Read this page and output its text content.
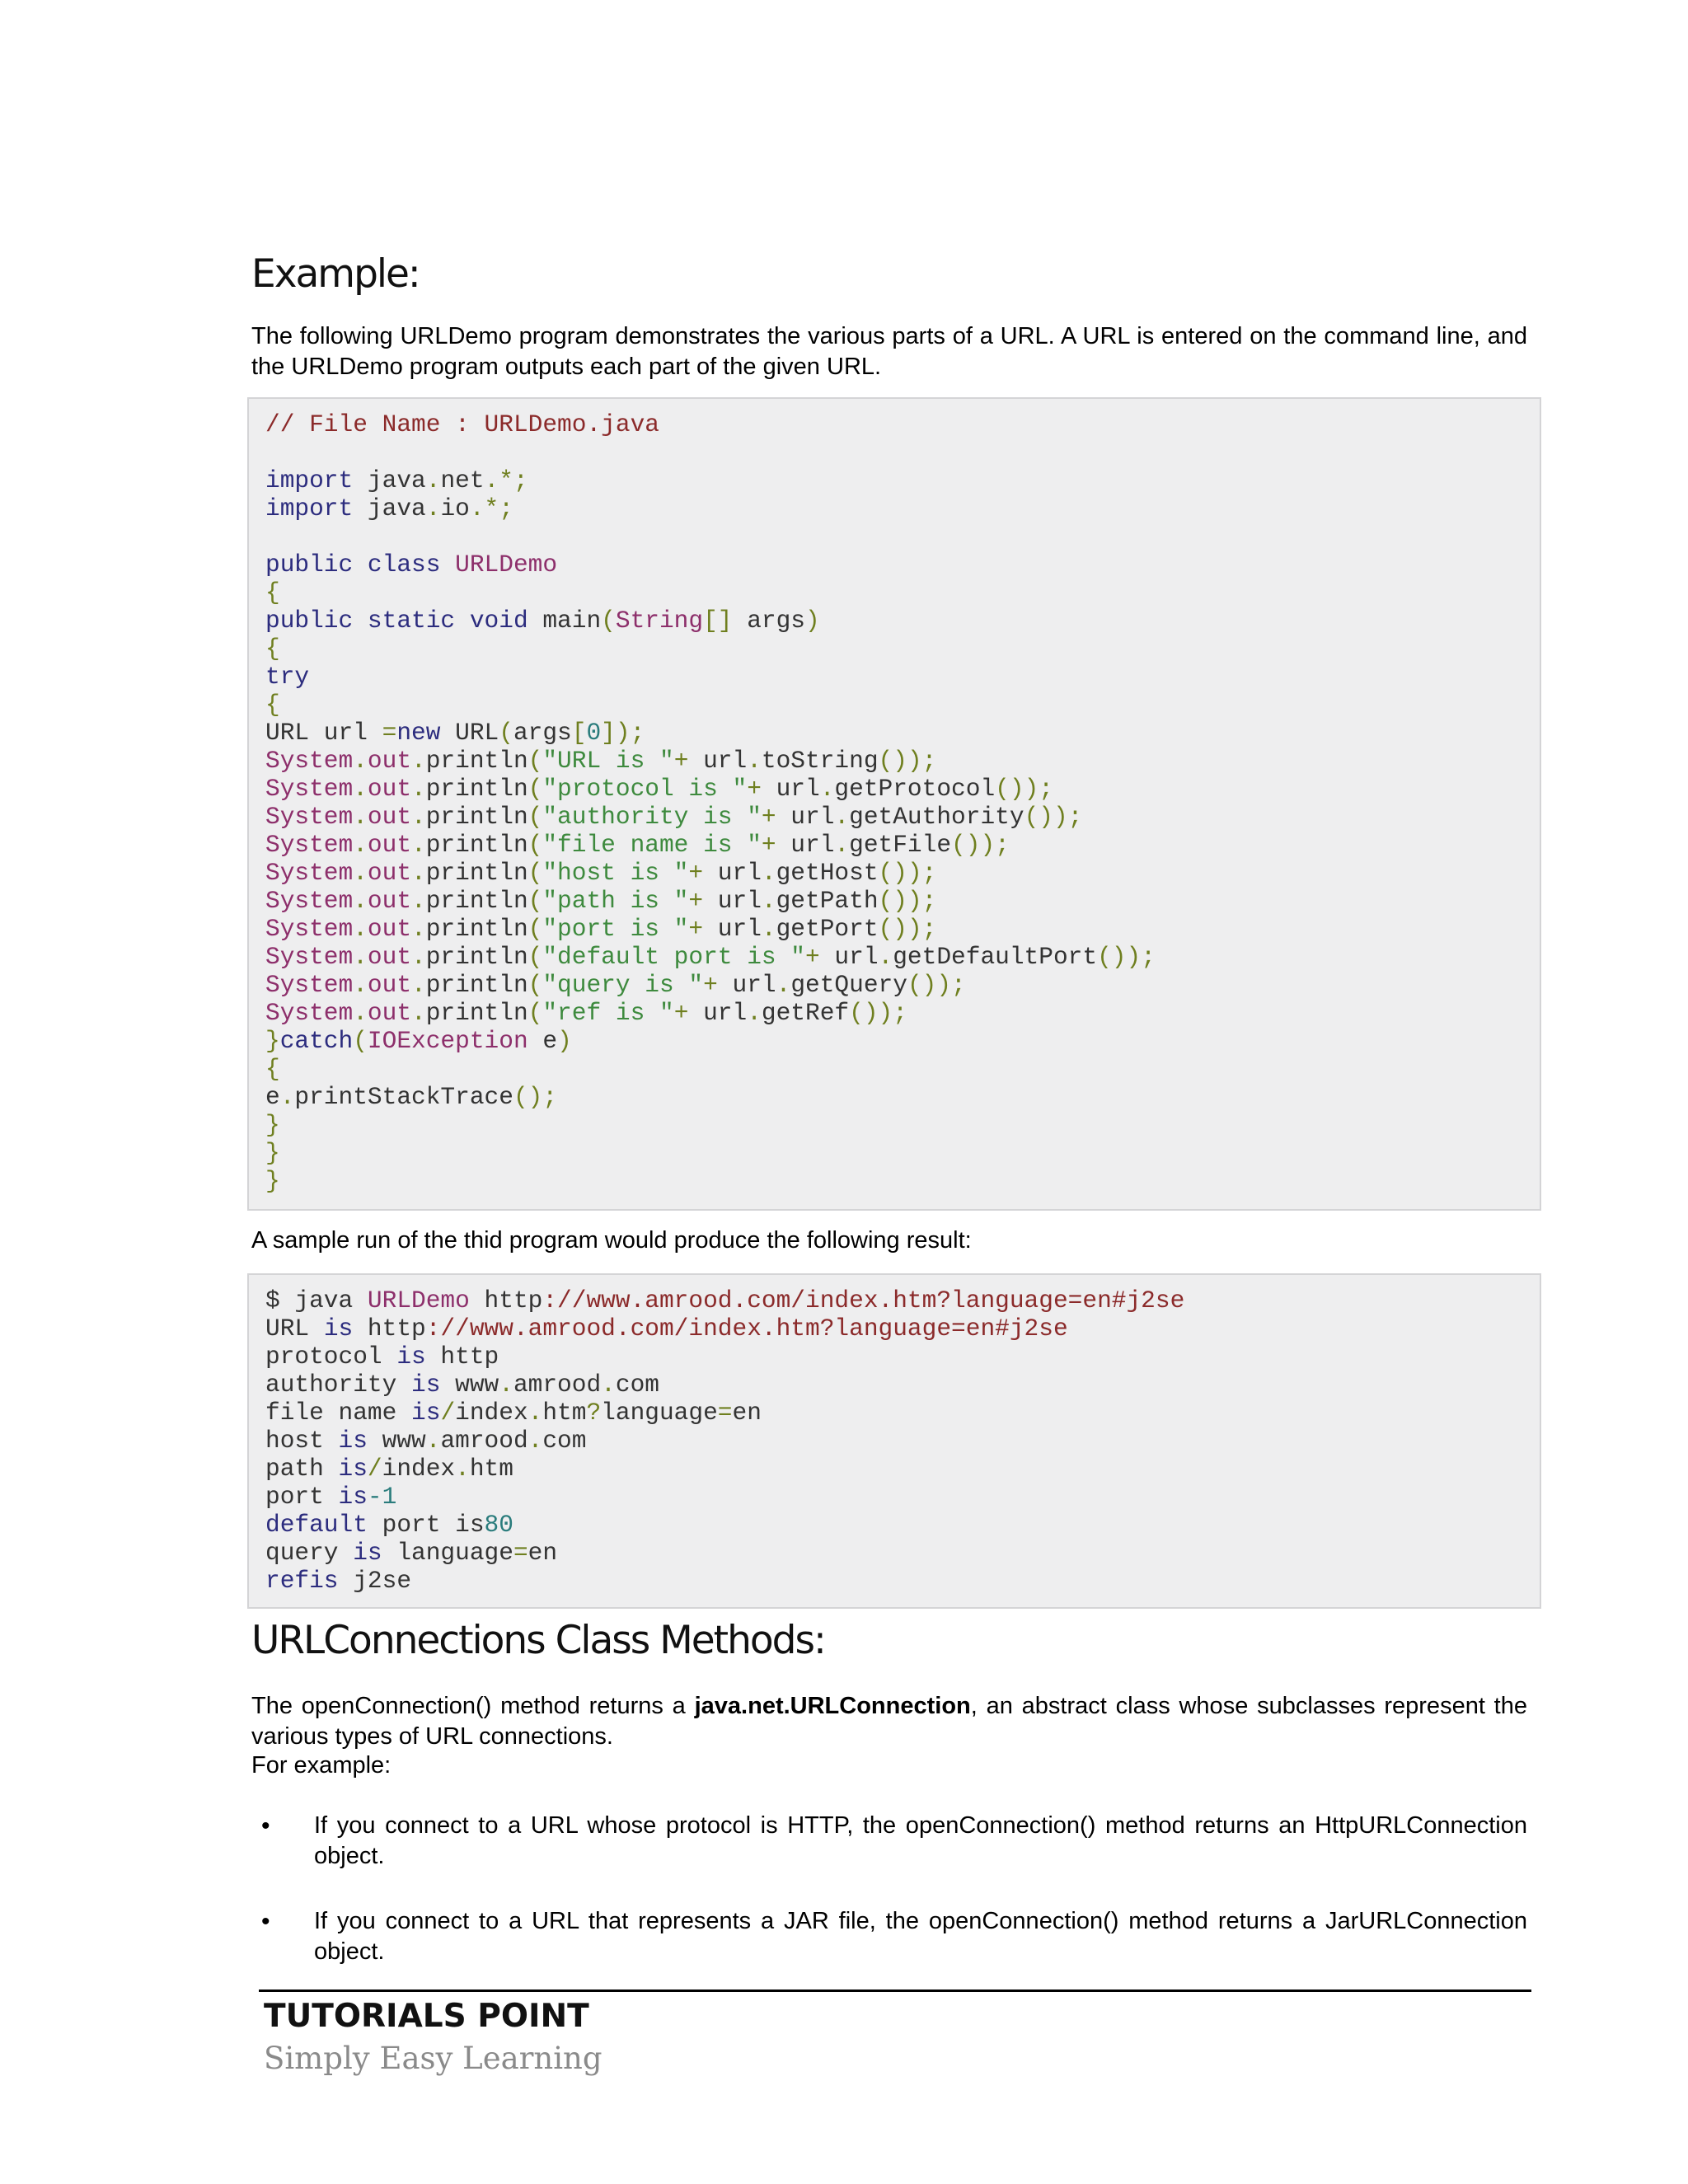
Example:

The following URLDemo program demonstrates the various parts of a URL. A URL is entered on the command line, and the URLDemo program outputs each part of the given URL.

// File Name : URLDemo.java

import java.net.*;
import java.io.*;

public class URLDemo
{
public static void main(String[] args)
{
try
{
URL url =new URL(args[0]);
System.out.println("URL is "+ url.toString());
System.out.println("protocol is "+ url.getProtocol());
System.out.println("authority is "+ url.getAuthority());
System.out.println("file name is "+ url.getFile());
System.out.println("host is "+ url.getHost());
System.out.println("path is "+ url.getPath());
System.out.println("port is "+ url.getPort());
System.out.println("default port is "+ url.getDefaultPort());
System.out.println("query is "+ url.getQuery());
System.out.println("ref is "+ url.getRef());
}catch(IOException e)
{
e.printStackTrace();
}
}
}

A sample run of the thid program would produce the following result:

$ java URLDemo http://www.amrood.com/index.htm?language=en#j2se
URL is http://www.amrood.com/index.htm?language=en#j2se
protocol is http
authority is www.amrood.com
file name is/index.htm?language=en
host is www.amrood.com
path is/index.htm
port is-1
default port is80
query is language=en
refis j2se
URLConnections Class Methods:

The openConnection() method returns a java.net.URLConnection, an abstract class whose subclasses represent the various types of URL connections.

For example:

• If you connect to a URL whose protocol is HTTP, the openConnection() method returns an HttpURLConnection object.
• If you connect to a URL that represents a JAR file, the openConnection() method returns a JarURLConnection object.
TUTORIALS POINT
Simply Easy Learning
